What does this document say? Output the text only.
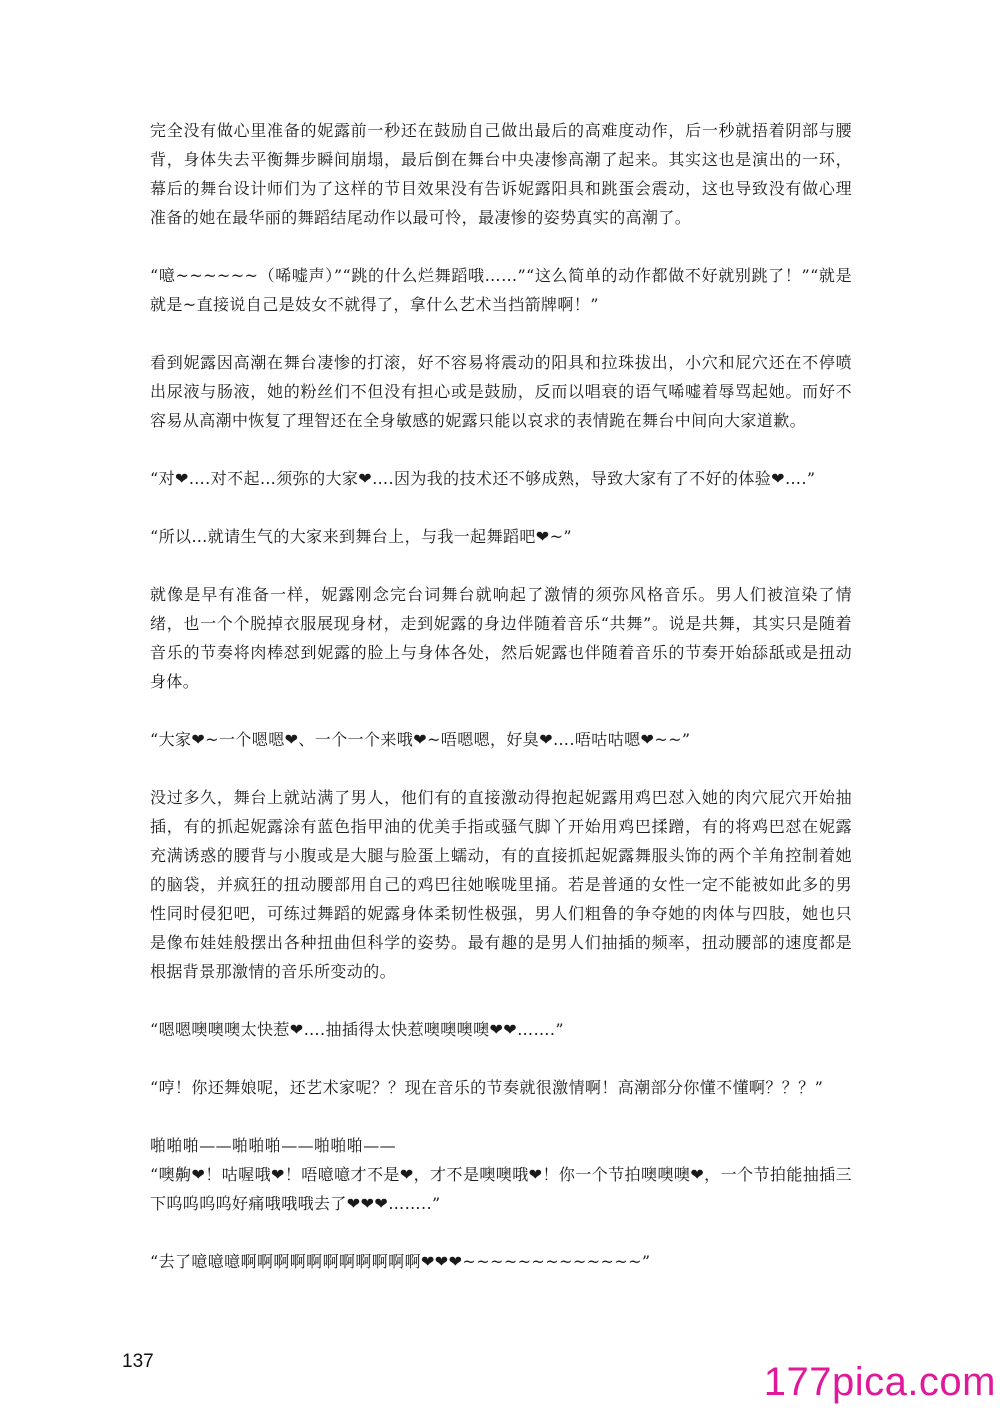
完全没有做心里准备的妮露前一秒还在鼓励自己做出最后的高难度动作，后一秒就捂着阴部与腰背，身体失去平衡舞步瞬间崩塌，最后倒在舞台中央凄惨高潮了起来。其实这也是演出的一环，幕后的舞台设计师们为了这样的节目效果没有告诉妮露阳具和跳蛋会震动，这也导致没有做心理准备的她在最华丽的舞蹈结尾动作以最可怜，最凄惨的姿势真实的高潮了。

“噫~~~~~~（唏嘘声）”“跳的什么烂舞蹈哦……”“这么简单的动作都做不好就别跳了！”“就是就是~直接说自己是妓女不就得了，拿什么艺术当挡箭牌啊！”

看到妮露因高潮在舞台凄惨的打滚，好不容易将震动的阳具和拉珠拔出，小穴和屁穴还在不停喷出尿液与肠液，她的粉丝们不但没有担心或是鼓励，反而以唱衰的语气唏嘘着辱骂起她。而好不容易从高潮中恢复了理智还在全身敏感的妮露只能以哀求的表情跪在舞台中间向大家道歉。

“对❤….对不起…须弥的大家❤….因为我的技术还不够成熟，导致大家有了不好的体验❤….”

“所以…就请生气的大家来到舞台上，与我一起舞蹈吧❤~”

就像是早有准备一样，妮露刚念完台词舞台就响起了激情的须弥风格音乐。男人们被渲染了情绪，也一个个脱掉衣服展现身材，走到妮露的身边伴随着音乐“共舞”。说是共舞，其实只是随着音乐的节奏将肉棒怼到妮露的脸上与身体各处，然后妮露也伴随着音乐的节奏开始舔舐或是扭动身体。

“大家❤~一个嗯嗯❤、一个一个来哦❤~唔嗯嗯，好臭❤….唔咕咕嗯❤~~”

没过多久，舞台上就站满了男人，他们有的直接激动得抱起妮露用鸡巴怼入她的肉穴屁穴开始抽插，有的抓起妮露涂有蓝色指甲油的优美手指或骚气脚丫开始用鸡巴揉蹭，有的将鸡巴怼在妮露充满诱惑的腰背与小腹或是大腿与脸蛋上蠕动，有的直接抓起妮露舞服头饰的两个羊角控制着她的脑袋，并疯狂的扭动腰部用自己的鸡巴往她喉咙里捅。若是普通的女性一定不能被如此多的男性同时侵犯吧，可练过舞蹈的妮露身体柔韧性极强，男人们粗鲁的争夺她的肉体与四肢，她也只是像布娃娃般摆出各种扭曲但科学的姿势。最有趣的是男人们抽插的频率，扭动腰部的速度都是根据背景那激情的音乐所变动的。

“嗯嗯噢噢噢太快惹❤….抽插得太快惹噢噢噢噢❤❤…….”

“哼！你还舞娘呢，还艺术家呢？？现在音乐的节奏就很激情啊！高潮部分你懂不懂啊？？？”

啪啪啪——啪啪啪——啪啪啪——

“噢齁❤！咕喔哦❤！唔噫噫才不是❤，才不是噢噢哦❤！你一个节拍噢噢噢❤，一个节拍能抽插三下呜呜呜呜好痛哦哦哦去了❤❤❤……..”

“去了噫噫噫啊啊啊啊啊啊啊啊啊啊啊❤❤❤~~~~~~~~~~~~~”

137	177pica.com
